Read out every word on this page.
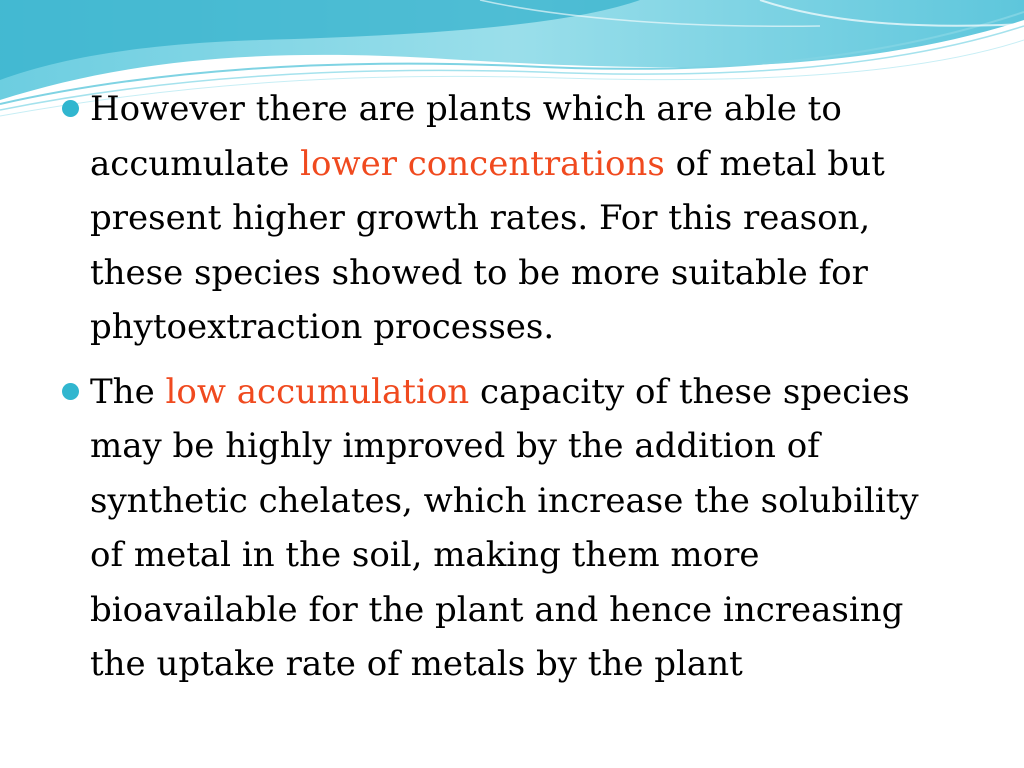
However there are plants which are able to accumulate lower concentrations of metal but present higher growth rates. For this reason, these species showed to be more suitable for phytoextraction processes.
The low accumulation capacity of these species may be highly improved by the addition of synthetic chelates, which increase the solubility of metal in the soil, making them more bioavailable for the plant and hence increasing the uptake rate of metals by the plant
